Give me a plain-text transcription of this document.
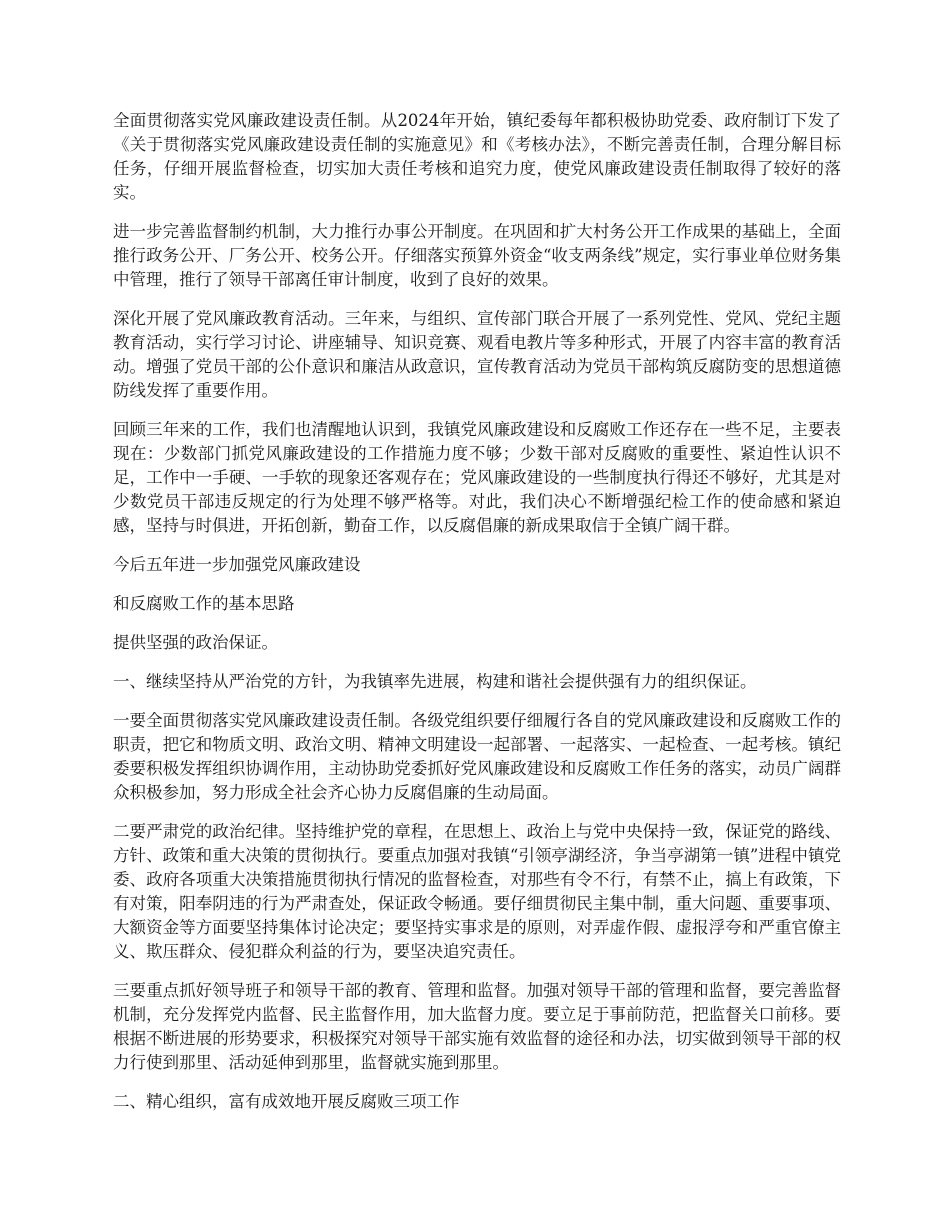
全面贯彻落实党风廉政建设责任制。从2024年开始，镇纪委每年都积极协助党委、政府制订下发了《关于贯彻落实党风廉政建设责任制的实施意见》和《考核办法》，不断完善责任制，合理分解目标任务，仔细开展监督检查，切实加大责任考核和追究力度，使党风廉政建设责任制取得了较好的落实。

进一步完善监督制约机制，大力推行办事公开制度。在巩固和扩大村务公开工作成果的基础上，全面推行政务公开、厂务公开、校务公开。仔细落实预算外资金“收支两条线”规定，实行事业单位财务集中管理，推行了领导干部离任审计制度，收到了良好的效果。

深化开展了党风廉政教育活动。三年来，与组织、宣传部门联合开展了一系列党性、党风、党纪主题教育活动，实行学习讨论、讲座辅导、知识竞赛、观看电教片等多种形式，开展了内容丰富的教育活动。增强了党员干部的公仆意识和廉洁从政意识，宣传教育活动为党员干部构筑反腐防变的思想道德防线发挥了重要作用。

回顾三年来的工作，我们也清醒地认识到，我镇党风廉政建设和反腐败工作还存在一些不足，主要表现在：少数部门抓党风廉政建设的工作措施力度不够；少数干部对反腐败的重要性、紧迫性认识不足，工作中一手硬、一手软的现象还客观存在；党风廉政建设的一些制度执行得还不够好，尤其是对少数党员干部违反规定的行为处理不够严格等。对此，我们决心不断增强纪检工作的使命感和紧迫感，坚持与时俱进，开拓创新，勤奋工作，以反腐倡廉的新成果取信于全镇广阔干群。

今后五年进一步加强党风廉政建设

和反腐败工作的基本思路

提供坚强的政治保证。

一、继续坚持从严治党的方针，为我镇率先进展，构建和谐社会提供强有力的组织保证。

一要全面贯彻落实党风廉政建设责任制。各级党组织要仔细履行各自的党风廉政建设和反腐败工作的职责，把它和物质文明、政治文明、精神文明建设一起部署、一起落实、一起检查、一起考核。镇纪委要积极发挥组织协调作用，主动协助党委抓好党风廉政建设和反腐败工作任务的落实，动员广阔群众积极参加，努力形成全社会齐心协力反腐倡廉的生动局面。

二要严肃党的政治纪律。坚持维护党的章程，在思想上、政治上与党中央保持一致，保证党的路线、方针、政策和重大决策的贯彻执行。要重点加强对我镇“引领亭湖经济，争当亭湖第一镇”进程中镇党委、政府各项重大决策措施贯彻执行情况的监督检查，对那些有令不行，有禁不止，搞上有政策，下有对策，阳奉阴违的行为严肃查处，保证政令畅通。要仔细贯彻民主集中制，重大问题、重要事项、大额资金等方面要坚持集体讨论决定；要坚持实事求是的原则，对弄虚作假、虚报浮夸和严重官僚主义、欺压群众、侵犯群众利益的行为，要坚决追究责任。

三要重点抓好领导班子和领导干部的教育、管理和监督。加强对领导干部的管理和监督，要完善监督机制，充分发挥党内监督、民主监督作用，加大监督力度。要立足于事前防范，把监督关口前移。要根据不断进展的形势要求，积极探究对领导干部实施有效监督的途径和办法，切实做到领导干部的权力行使到那里、活动延伸到那里，监督就实施到那里。

二、精心组织，富有成效地开展反腐败三项工作
